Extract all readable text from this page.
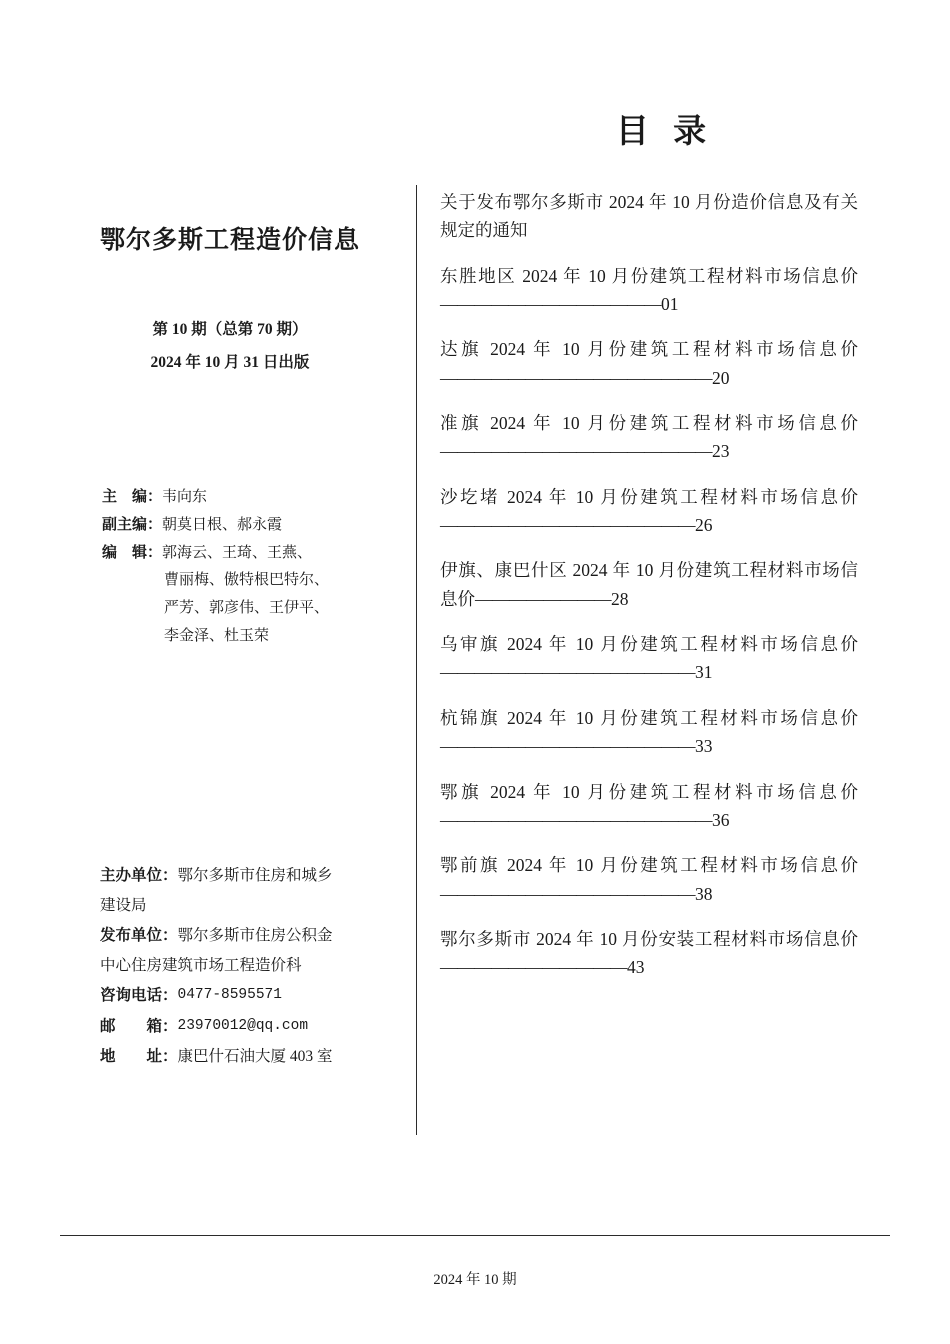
目 录
鄂尔多斯工程造价信息
第 10 期（总第 70 期）
2024 年 10 月 31 日出版
主　编： 韦向东
副主编： 朝莫日根、郝永霞
编　辑： 郭海云、王琦、王燕、
曹丽梅、傲特根巴特尔、
严芳、郭彦伟、王伊平、
李金泽、杜玉荣
主办单位： 鄂尔多斯市住房和城乡
建设局
发布单位： 鄂尔多斯市住房公积金
中心住房建筑市场工程造价科
咨询电话： 0477-8595571
邮　　箱： 23970012@qq.com
地　　址： 康巴什石油大厦 403 室
关于发布鄂尔多斯市 2024 年 10 月份造价信息及有关规定的通知
东胜地区 2024 年 10 月份建筑工程材料市场信息价—————————————01
达旗 2024 年 10 月份建筑工程材料市场信息价————————————————20
准旗 2024 年 10 月份建筑工程材料市场信息价————————————————23
沙圪堵 2024 年 10 月份建筑工程材料市场信息价———————————————26
伊旗、康巴什区 2024 年 10 月份建筑工程材料市场信息价————————28
乌审旗 2024 年 10 月份建筑工程材料市场信息价———————————————31
杭锦旗 2024 年 10 月份建筑工程材料市场信息价———————————————33
鄂旗 2024 年 10 月份建筑工程材料市场信息价————————————————36
鄂前旗 2024 年 10 月份建筑工程材料市场信息价———————————————38
鄂尔多斯市 2024 年 10 月份安装工程材料市场信息价———————————43
2024 年 10 期
